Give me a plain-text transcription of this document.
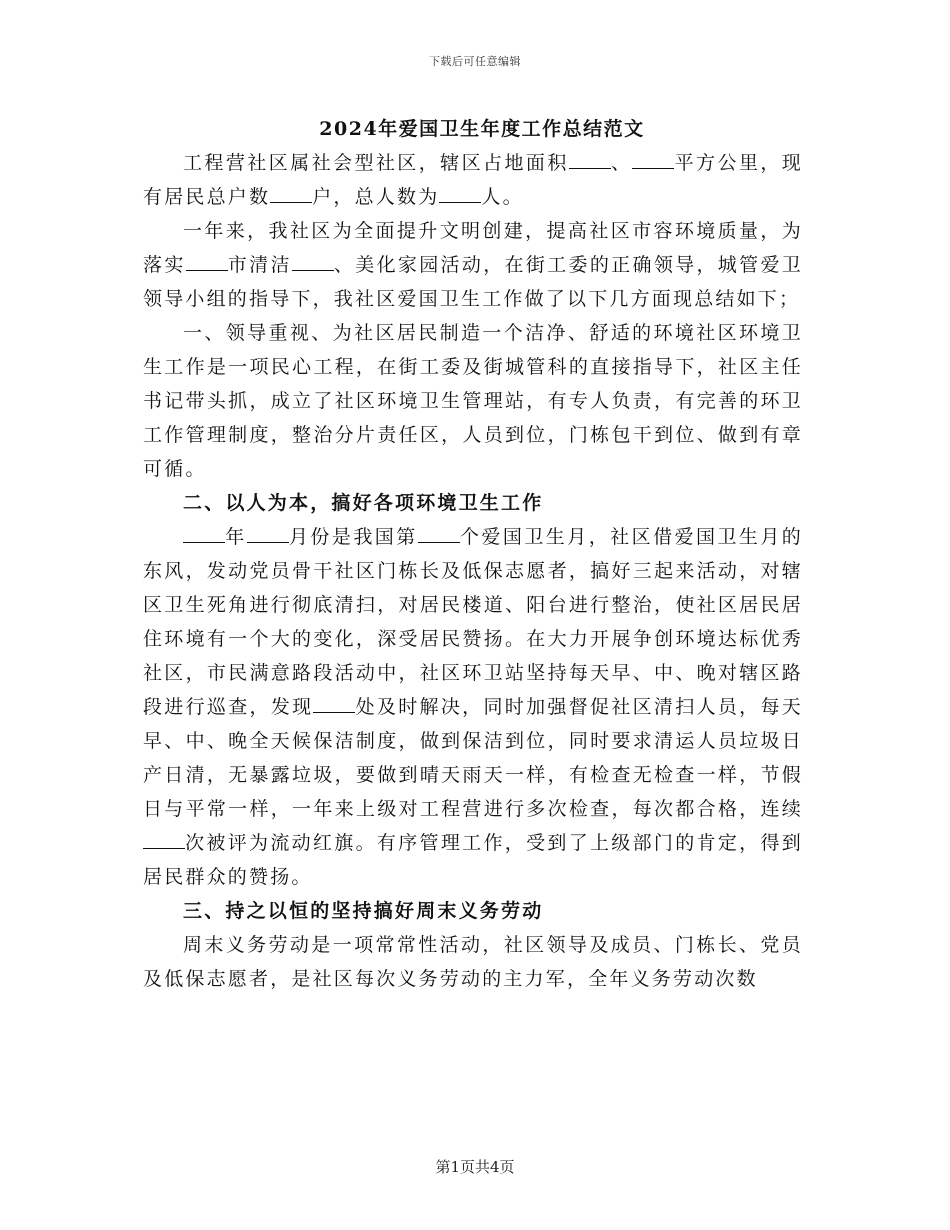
下载后可任意编辑
2024年爱国卫生年度工作总结范文

工程营社区属社会型社区，辖区占地面积 、 平方公里，现有居民总户数 户，总人数为 人。

一年来，我社区为全面提升文明创建，提高社区市容环境质量，为落实 市清洁 、美化家园活动，在街工委的正确领导，城管爱卫领导小组的指导下，我社区爱国卫生工作做了以下几方面现总结如下；

一、领导重视、为社区居民制造一个洁净、舒适的环境社区环境卫生工作是一项民心工程，在街工委及街城管科的直接指导下，社区主任书记带头抓，成立了社区环境卫生管理站，有专人负责，有完善的环卫工作管理制度，整治分片责任区，人员到位，门栋包干到位、做到有章可循。

二、以人为本，搞好各项环境卫生工作

年 月份是我国第 个爱国卫生月，社区借爱国卫生月的东风，发动党员骨干社区门栋长及低保志愿者，搞好三起来活动，对辖区卫生死角进行彻底清扫，对居民楼道、阳台进行整治，使社区居民居住环境有一个大的变化，深受居民赞扬。在大力开展争创环境达标优秀社区，市民满意路段活动中，社区环卫站坚持每天早、中、晚对辖区路段进行巡查，发现 处及时解决，同时加强督促社区清扫人员，每天早、中、晚全天候保洁制度，做到保洁到位，同时要求清运人员垃圾日产日清，无暴露垃圾，要做到晴天雨天一样，有检查无检查一样，节假日与平常一样，一年来上级对工程营进行多次检查，每次都合格，连续次被评为流动红旗。有序管理工作，受到了上级部门的肯定，得到居民群众的赞扬。

三、持之以恒的坚持搞好周末义务劳动

周末义务劳动是一项常常性活动，社区领导及成员、门栋长、党员及低保志愿者，是社区每次义务劳动的主力军，全年义务劳动次数

第1页共4页
